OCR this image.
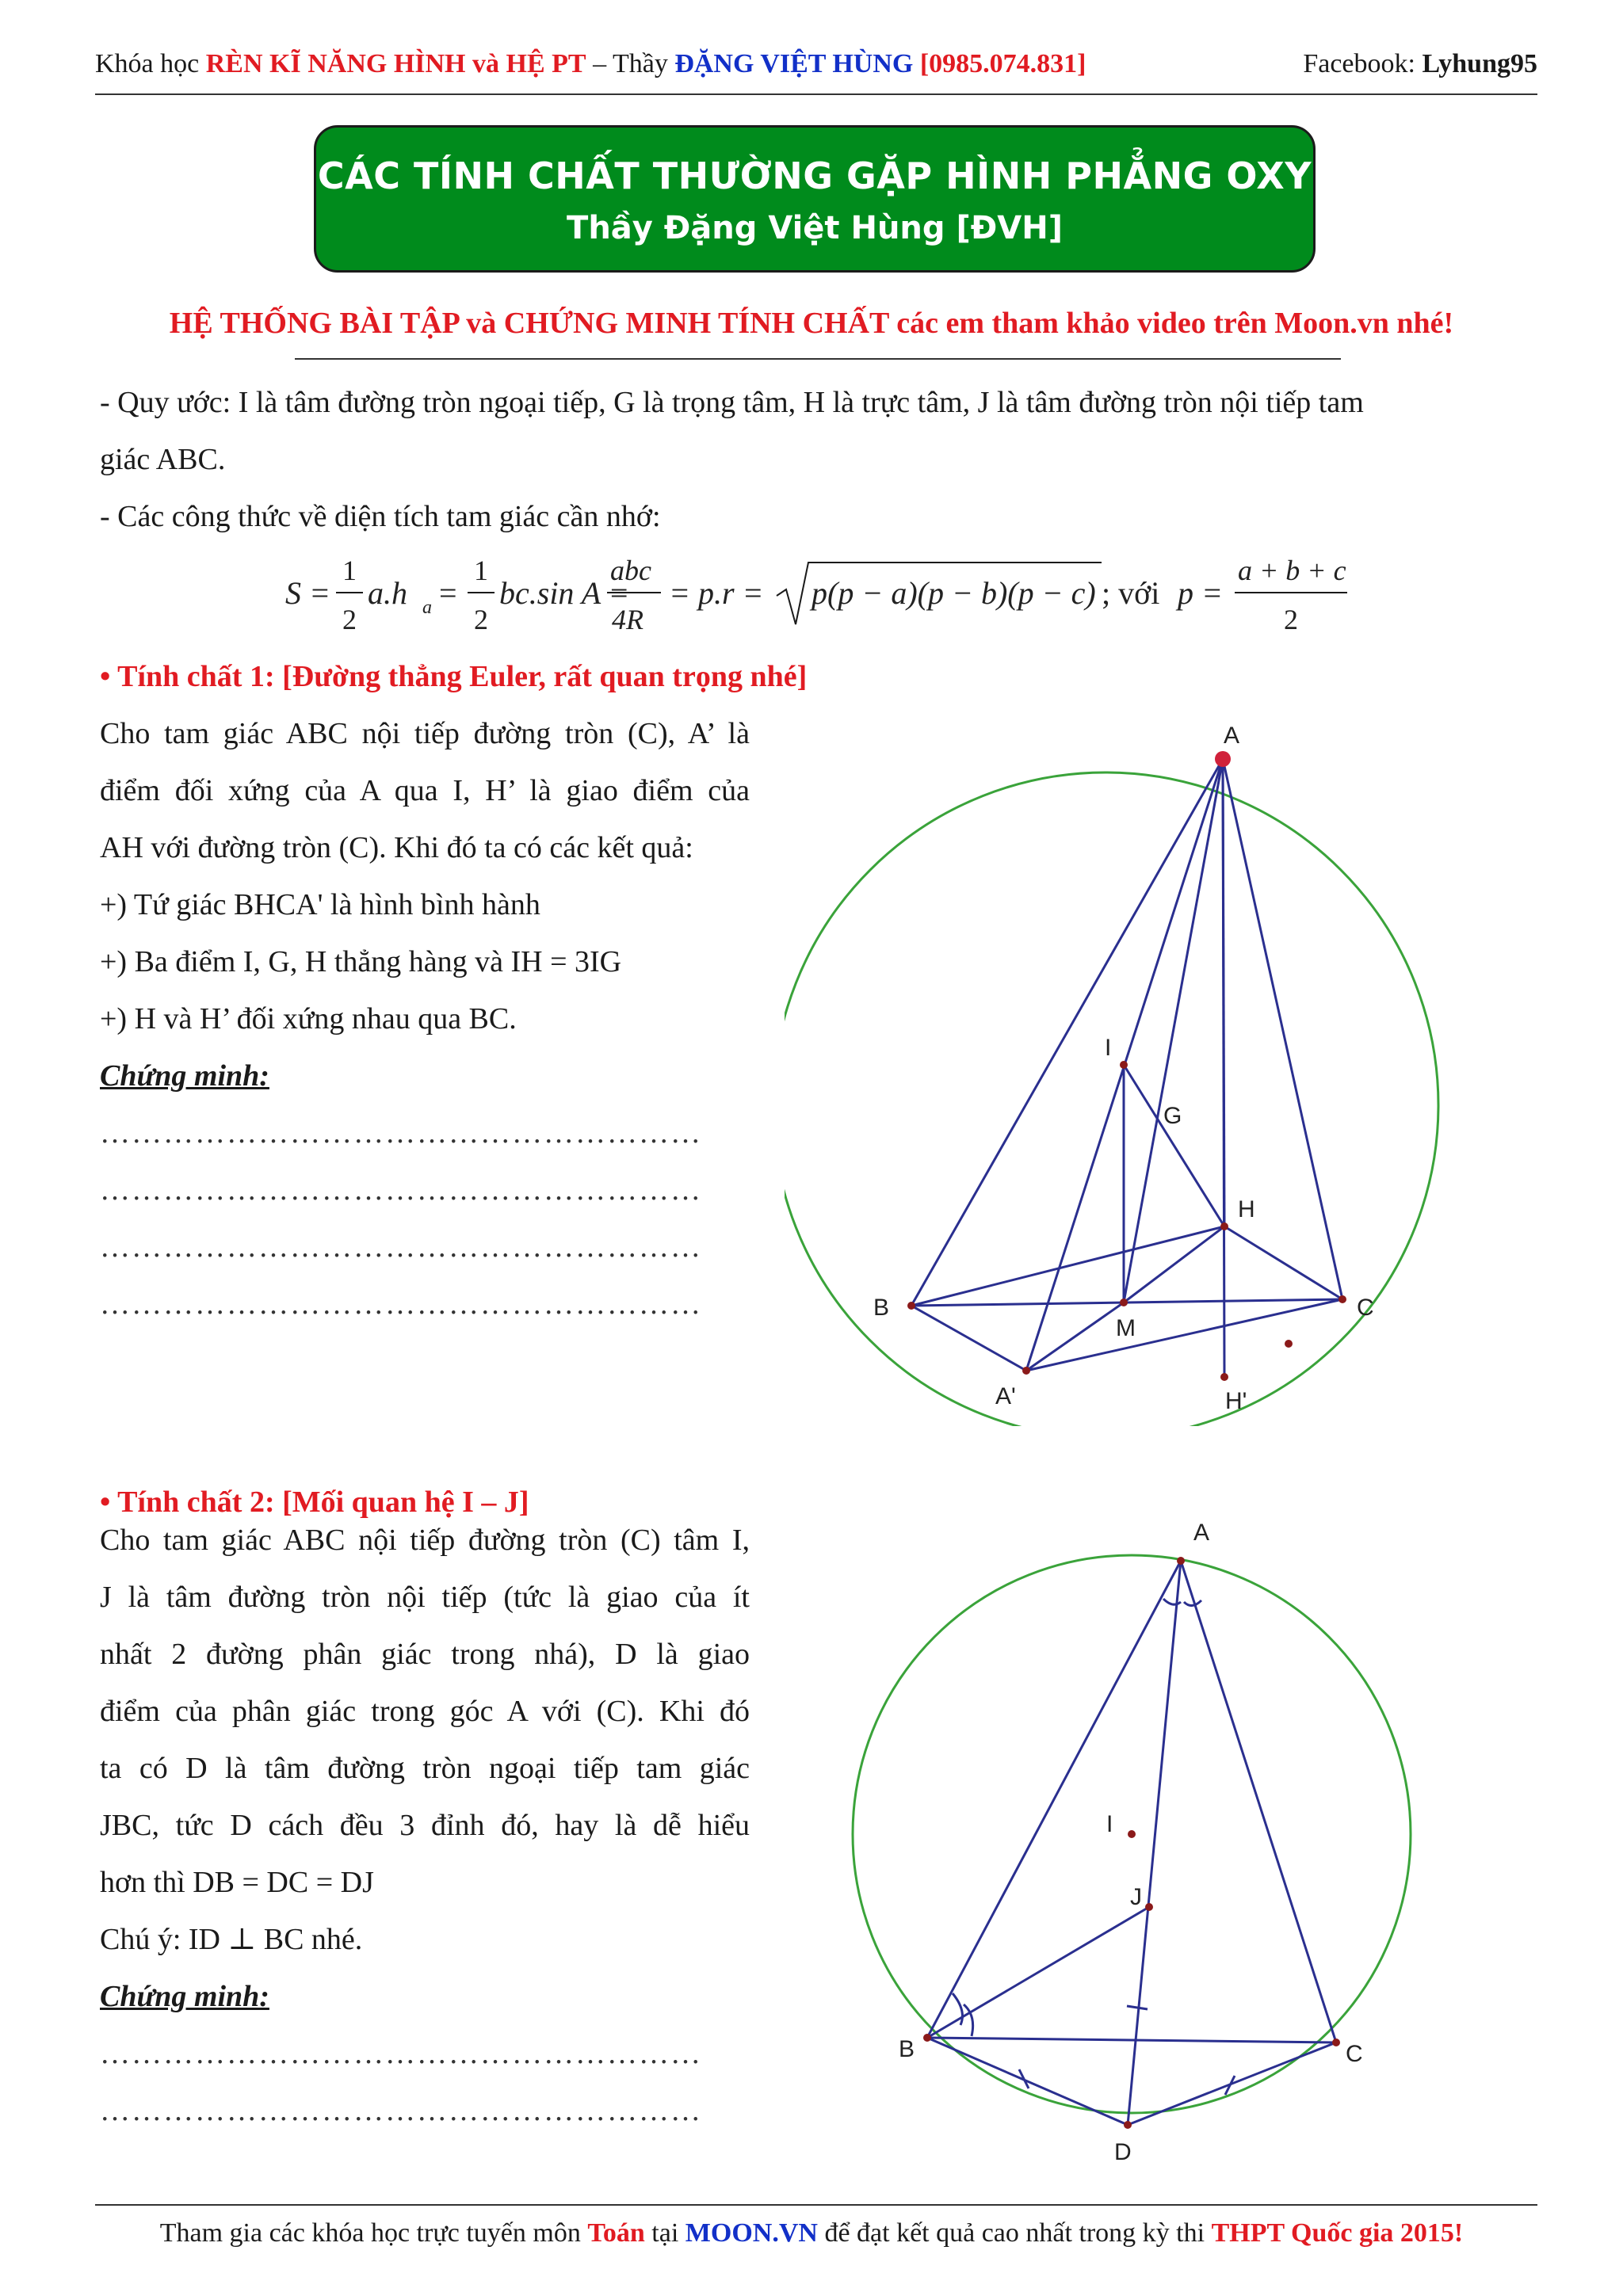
Khóa học RÈN KĨ NĂNG HÌNH và HỆ PT – Thầy ĐẶNG VIỆT HÙNG [0985.074.831]	Facebook: Lyhung95
CÁC TÍNH CHẤT THƯỜNG GẶP HÌNH PHẲNG OXY
Thầy Đặng Việt Hùng [ĐVH]
HỆ THỐNG BÀI TẬP và CHỨNG MINH TÍNH CHẤT các em tham khảo video trên Moon.vn nhé!
- Quy ước: I là tâm đường tròn ngoại tiếp, G là trọng tâm, H là trực tâm, J là tâm đường tròn nội tiếp tam
giác ABC.
- Các công thức về diện tích tam giác cần nhớ:
S =
1
2
a.h a =
1
2
bc.sin A =
abc
4R
= p.r = p(p − a)(p − b)(p − c) ; với p =
a + b + c
2
• Tính chất 1: [Đường thẳng Euler, rất quan trọng nhé]
Cho tam giác ABC nội tiếp đường tròn (C), A’ là
điểm đối xứng của A qua I, H’ là giao điểm của
AH với đường tròn (C). Khi đó ta có các kết quả:
+) Tứ giác BHCA' là hình bình hành
+) Ba điểm I, G, H thẳng hàng và IH = 3IG
+) H và H’ đối xứng nhau qua BC.
Chứng minh:
…………………………………………………
…………………………………………………
…………………………………………………
…………………………………………………
A
I
G
H
B
M
C
A'	H'
• Tính chất 2: [Mối quan hệ I – J]
Cho tam giác ABC nội tiếp đường tròn (C) tâm I,
J là tâm đường tròn nội tiếp (tức là giao của ít
nhất 2 đường phân giác trong nhá), D là giao
điểm của phân giác trong góc A với (C). Khi đó
ta có D là tâm đường tròn ngoại tiếp tam giác
JBC, tức D cách đều 3 đỉnh đó, hay là dễ hiểu
hơn thì DB = DC = DJ
Chú ý: ID ⊥ BC nhé.
Chứng minh:
…………………………………………………
…………………………………………………
A
I
J
B	C
D
Tham gia các khóa học trực tuyến môn Toán tại MOON.VN để đạt kết quả cao nhất trong kỳ thi THPT Quốc gia 2015!
